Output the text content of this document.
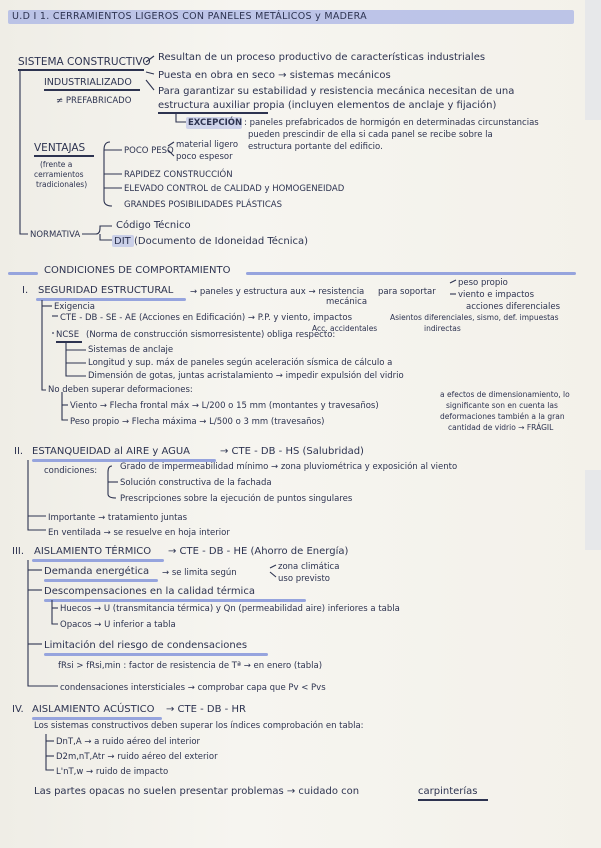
U.D I 1. CERRAMIENTOS LIGEROS CON PANELES METÁLICOS y MADERA
SISTEMA CONSTRUCTIVO
INDUSTRIALIZADO
≠ PREFABRICADO
Resultan de un proceso productivo de características industriales
Puesta en obra en seco → sistemas mecánicos
Para garantizar su estabilidad y resistencia mecánica necesitan de una
estructura auxiliar propia (incluyen elementos de anclaje y fijación)
EXCEPCIÓN : paneles prefabricados de hormigón en determinadas circunstancias
pueden prescindir de ella si cada panel se recibe sobre la
estructura portante del edificio.
VENTAJAS
(frente a
cerramientos
tradicionales)
POCO PESO
material ligero
poco espesor
RAPIDEZ CONSTRUCCIÓN
ELEVADO CONTROL de CALIDAD y HOMOGENEIDAD
GRANDES POSIBILIDADES PLÁSTICAS
NORMATIVA
Código Técnico
DIT (Documento de Idoneidad Técnica)
CONDICIONES DE COMPORTAMIENTO
I. SEGURIDAD ESTRUCTURAL → paneles y estructura aux → resistencia
mecánica
para soportar
peso propio
viento e impactos
acciones diferenciales
Exigencia
CTE - DB - SE - AE (Acciones en Edificación) → P.P. y viento, impactos
Acc. accidentales
Asientos diferenciales, sismo, def. impuestas
indirectas
NCSE (Norma de construcción sismorresistente) obliga respecto:
Sistemas de anclaje
Longitud y sup. máx de paneles según aceleración sísmica de cálculo a
Dimensión de gotas, juntas acristalamiento → impedir expulsión del vidrio
No deben superar deformaciones:
Viento → Flecha frontal máx → L/200 o 15 mm (montantes y travesaños)
Peso propio → Flecha máxima → L/500 o 3 mm (travesaños)
a efectos de dimensionamiento, lo
significante son en cuenta las
deformaciones también a la gran
cantidad de vidrio → FRÁGIL
II. ESTANQUEIDAD al AIRE y AGUA	→ CTE - DB - HS (Salubridad)
condiciones:	Grado de impermeabilidad mínimo → zona pluviométrica y exposición al viento
Solución constructiva de la fachada
Prescripciones sobre la ejecución de puntos singulares
Importante → tratamiento juntas
En ventilada → se resuelve en hoja interior
III. AISLAMIENTO TÉRMICO → CTE - DB - HE (Ahorro de Energía)
Demanda energética → se limita según
zona climática
uso previsto
Descompensaciones en la calidad térmica
Huecos → U (transmitancia térmica) y Qn (permeabilidad aire) inferiores a tabla
Opacos → U inferior a tabla
Limitación del riesgo de condensaciones
fRsi > fRsi,min : factor de resistencia de Tª → en enero (tabla)
condensaciones intersticiales → comprobar capa que Pv < Pvs
IV. AISLAMIENTO ACÚSTICO → CTE - DB - HR
Los sistemas constructivos deben superar los índices comprobación en tabla:
DnT,A → a ruido aéreo del interior
D2m,nT,Atr → ruido aéreo del exterior
L'nT,w → ruido de impacto
Las partes opacas no suelen presentar problemas → cuidado con	carpinterías
